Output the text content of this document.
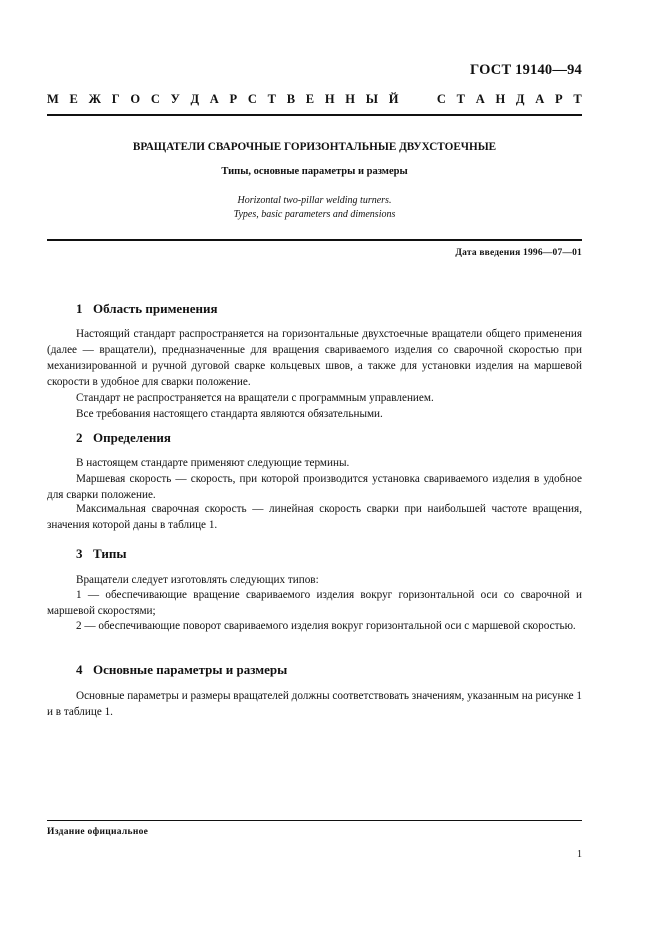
ГОСТ 19140—94
М Е Ж Г О С У Д А Р С Т В Е Н Н Ы Й

	С Т А Н Д А Р Т
ВРАЩАТЕЛИ СВАРОЧНЫЕ ГОРИЗОНТАЛЬНЫЕ ДВУХСТОЕЧНЫЕ
Типы, основные параметры и размеры
Horizontal two-pillar welding turners.
Types, basic parameters and dimensions
Дата введения 1996—07—01
1 Область применения
Настоящий стандарт распространяется на горизонтальные двухстоечные вращатели общего применения (далее — вращатели), предназначенные для вращения свариваемого изделия со сварочной скоростью при механизированной и ручной дуговой сварке кольцевых швов, а также для установки изделия на маршевой скорости в удобное для сварки положение.
Стандарт не распространяется на вращатели с программным управлением.
Все требования настоящего стандарта являются обязательными.
2 Определения
В настоящем стандарте применяют следующие термины.
Маршевая скорость — скорость, при которой производится установка свариваемого изделия в удобное для сварки положение.
Максимальная сварочная скорость — линейная скорость сварки при наибольшей частоте вращения, значения которой даны в таблице 1.
3 Типы
Вращатели следует изготовлять следующих типов:
1 — обеспечивающие вращение свариваемого изделия вокруг горизонтальной оси со сварочной и маршевой скоростями;
2 — обеспечивающие поворот свариваемого изделия вокруг горизонтальной оси с маршевой скоростью.
4 Основные параметры и размеры
Основные параметры и размеры вращателей должны соответствовать значениям, указанным на рисунке 1 и в таблице 1.
Издание официальное
1
